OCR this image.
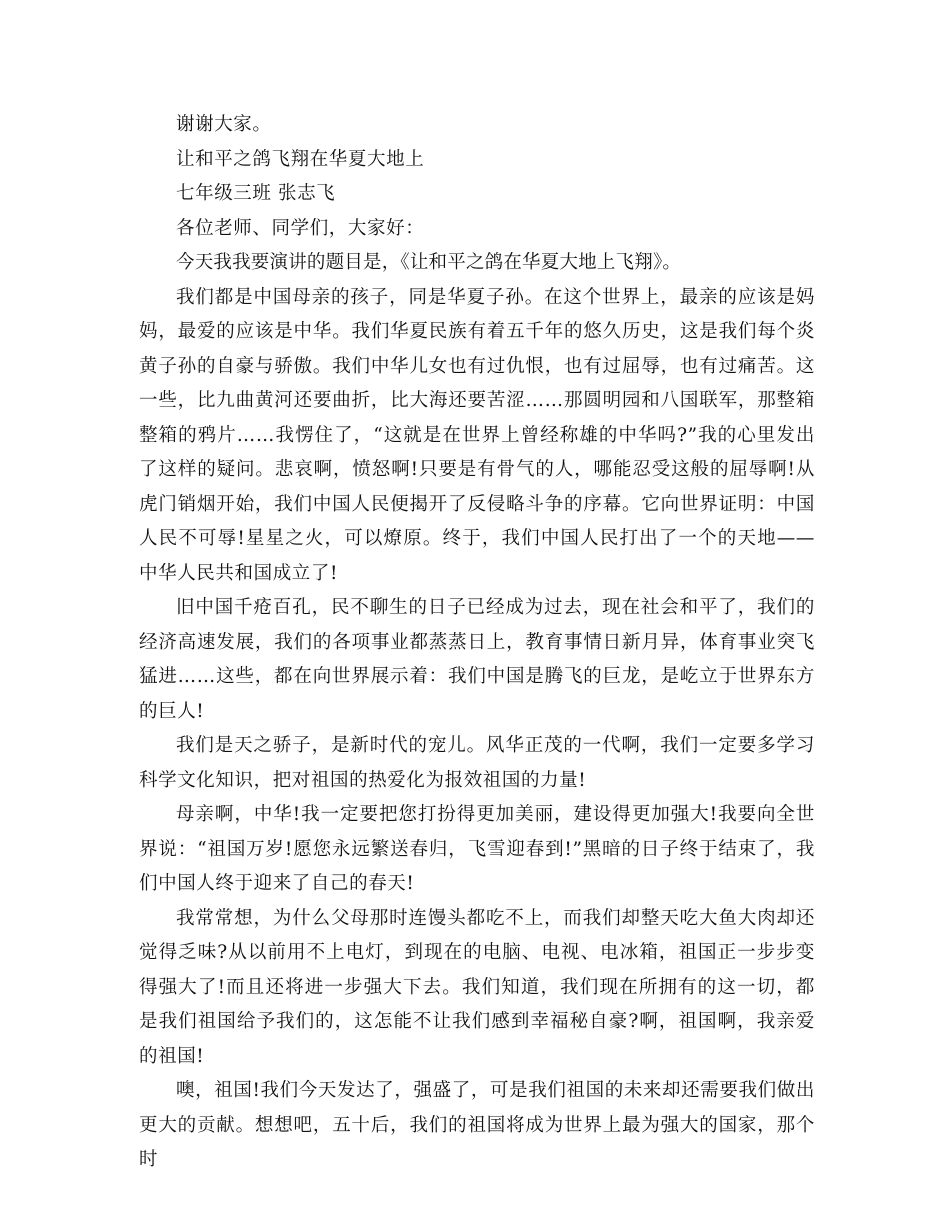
谢谢大家。

让和平之鸽飞翔在华夏大地上

七年级三班 张志飞

各位老师、同学们，大家好：

今天我我要演讲的题目是，《让和平之鸽在华夏大地上飞翔》。

我们都是中国母亲的孩子，同是华夏子孙。在这个世界上，最亲的应该是妈妈，最爱的应该是中华。我们华夏民族有着五千年的悠久历史，这是我们每个炎黄子孙的自豪与骄傲。我们中华儿女也有过仇恨，也有过屈辱，也有过痛苦。这一些，比九曲黄河还要曲折，比大海还要苦涩……那圆明园和八国联军，那整箱整箱的鸦片……我愣住了，“这就是在世界上曾经称雄的中华吗?”我的心里发出了这样的疑问。悲哀啊，愤怒啊!只要是有骨气的人，哪能忍受这般的屈辱啊!从虎门销烟开始，我们中国人民便揭开了反侵略斗争的序幕。它向世界证明：中国人民不可辱!星星之火，可以燎原。终于，我们中国人民打出了一个的天地——中华人民共和国成立了!

旧中国千疮百孔，民不聊生的日子已经成为过去，现在社会和平了，我们的经济高速发展，我们的各项事业都蒸蒸日上，教育事情日新月异，体育事业突飞猛进……这些，都在向世界展示着：我们中国是腾飞的巨龙，是屹立于世界东方的巨人!

我们是天之骄子，是新时代的宠儿。风华正茂的一代啊，我们一定要多学习科学文化知识，把对祖国的热爱化为报效祖国的力量!

母亲啊，中华!我一定要把您打扮得更加美丽，建设得更加强大!我要向全世界说：“祖国万岁!愿您永远繁送春归，飞雪迎春到!”黑暗的日子终于结束了，我们中国人终于迎来了自己的春天!

我常常想，为什么父母那时连馒头都吃不上，而我们却整天吃大鱼大肉却还觉得乏味?从以前用不上电灯，到现在的电脑、电视、电冰箱，祖国正一步步变得强大了!而且还将进一步强大下去。我们知道，我们现在所拥有的这一切，都是我们祖国给予我们的，这怎能不让我们感到幸福秘自豪?啊，祖国啊，我亲爱的祖国!

噢，祖国!我们今天发达了，强盛了，可是我们祖国的未来却还需要我们做出更大的贡献。想想吧，五十后，我们的祖国将成为世界上最为强大的国家，那个时
